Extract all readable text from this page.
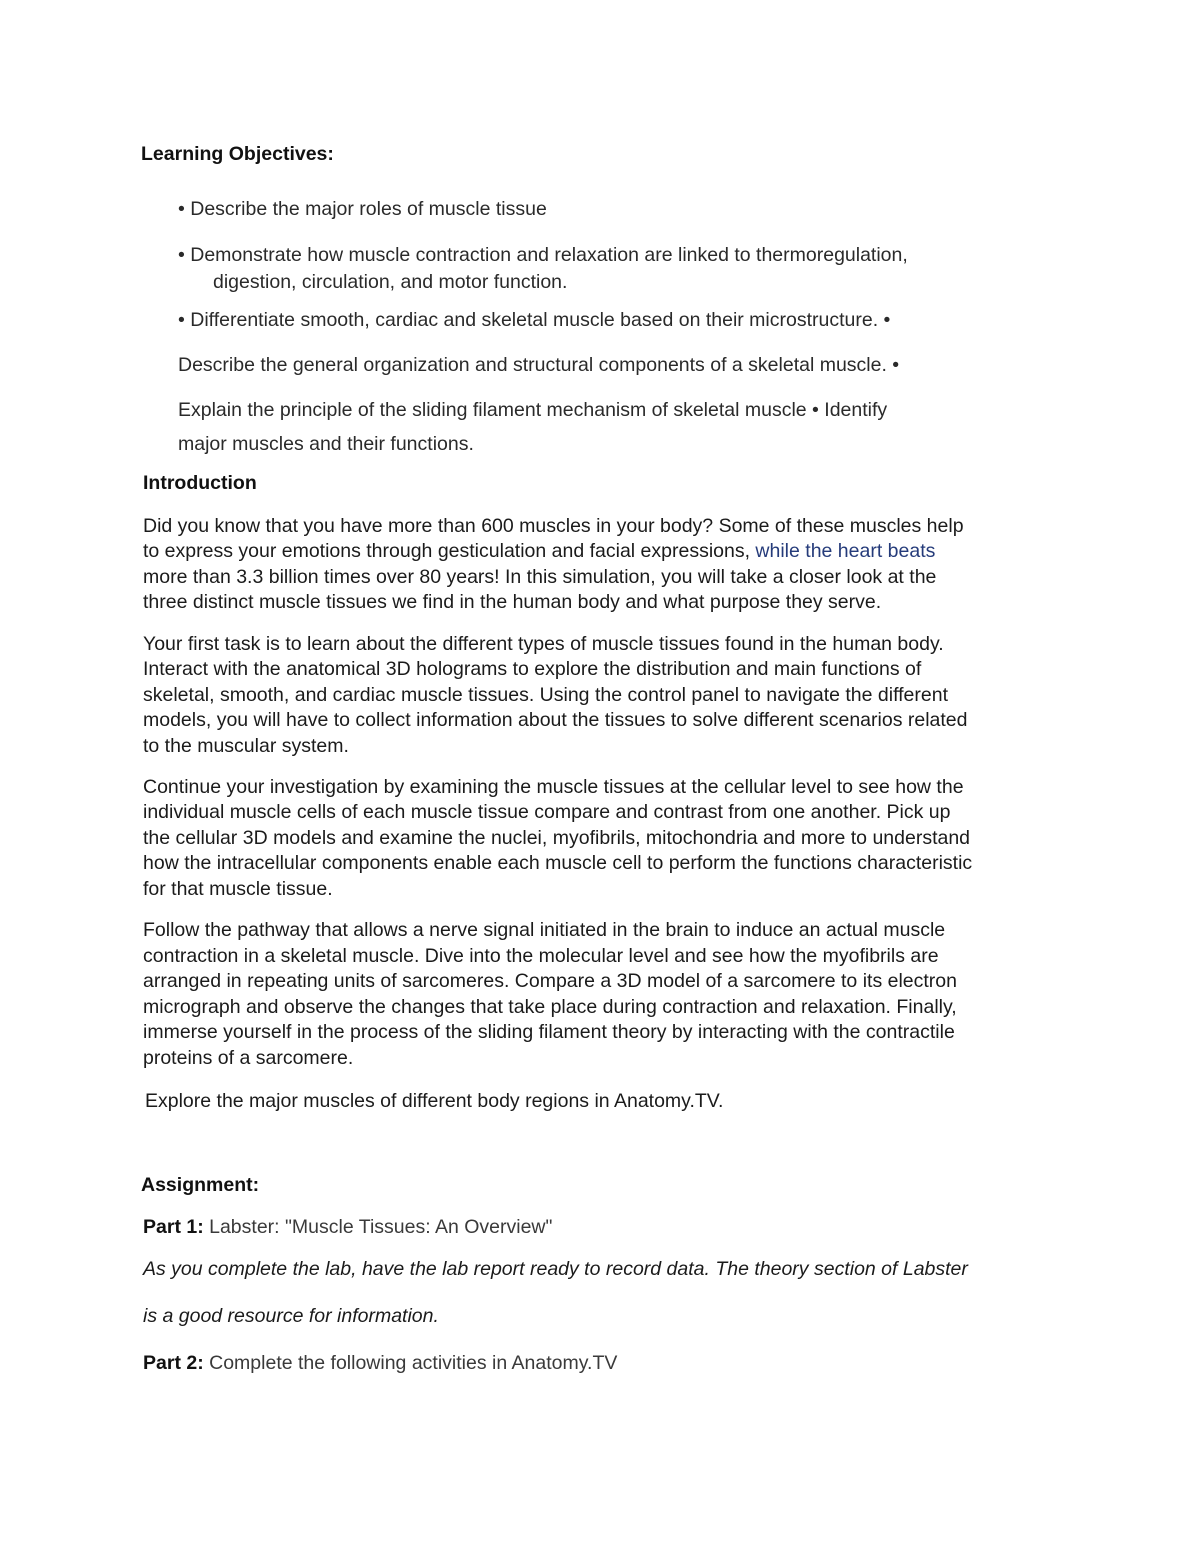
Learning Objectives:
• Describe the major roles of muscle tissue
• Demonstrate how muscle contraction and relaxation are linked to thermoregulation,
digestion, circulation, and motor function.
• Differentiate smooth, cardiac and skeletal muscle based on their microstructure. •
Describe the general organization and structural components of a skeletal muscle. •
Explain the principle of the sliding filament mechanism of skeletal muscle • Identify
major muscles and their functions.
Introduction
Did you know that you have more than 600 muscles in your body? Some of these muscles help
to express your emotions through gesticulation and facial expressions, while the heart beats
more than 3.3 billion times over 80 years! In this simulation, you will take a closer look at the
three distinct muscle tissues we find in the human body and what purpose they serve.
Your first task is to learn about the different types of muscle tissues found in the human body.
Interact with the anatomical 3D holograms to explore the distribution and main functions of
skeletal, smooth, and cardiac muscle tissues. Using the control panel to navigate the different
models, you will have to collect information about the tissues to solve different scenarios related
to the muscular system.
Continue your investigation by examining the muscle tissues at the cellular level to see how the
individual muscle cells of each muscle tissue compare and contrast from one another. Pick up
the cellular 3D models and examine the nuclei, myofibrils, mitochondria and more to understand
how the intracellular components enable each muscle cell to perform the functions characteristic
for that muscle tissue.
Follow the pathway that allows a nerve signal initiated in the brain to induce an actual muscle
contraction in a skeletal muscle. Dive into the molecular level and see how the myofibrils are
arranged in repeating units of sarcomeres. Compare a 3D model of a sarcomere to its electron
micrograph and observe the changes that take place during contraction and relaxation. Finally,
immerse yourself in the process of the sliding filament theory by interacting with the contractile
proteins of a sarcomere.
Explore the major muscles of different body regions in Anatomy.TV.
Assignment:
Part 1: Labster: "Muscle Tissues: An Overview"
As you complete the lab, have the lab report ready to record data. The theory section of Labster
is a good resource for information.
Part 2: Complete the following activities in Anatomy.TV
